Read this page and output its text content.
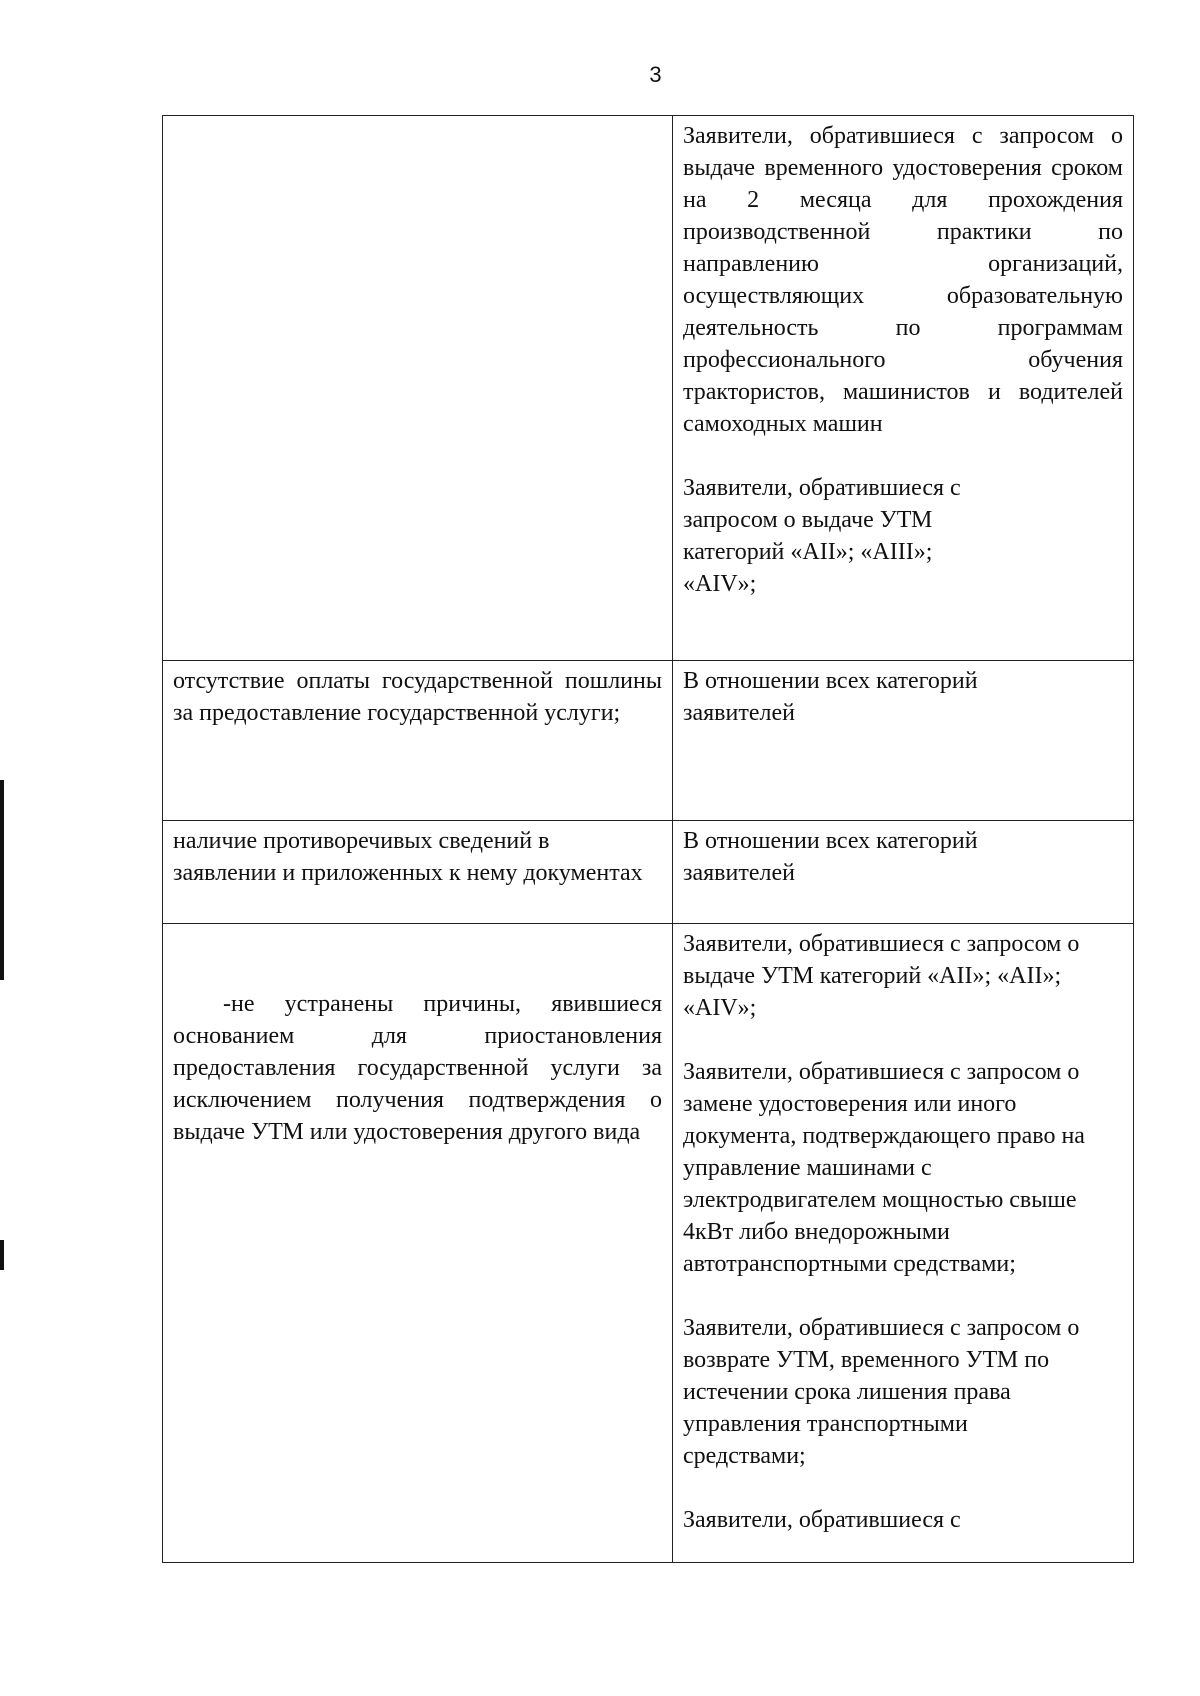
3

	Заявители, обратившиеся с запросом о выдаче временного удостоверения сроком на 2 месяца для прохождения производственной практики по направлению организаций, осуществляющих образовательную деятельность по программам профессионального обучения трактористов, машинистов и водителей самоходных машин

Заявители, обратившиеся с запросом о выдаче УТМ категорий «AII»; «AIII»; «AIV»;

отсутствие оплаты государственной пошлины за предоставление государственной услуги;	В отношении всех категорий заявителей

наличие противоречивых сведений в заявлении и приложенных к нему документах	В отношении всех категорий заявителей

-не устранены причины, явившиеся основанием для приостановления предоставления государственной услуги за исключением получения подтверждения о выдаче УТМ или удостоверения другого вида	Заявители, обратившиеся с запросом о выдаче УТМ категорий «AII»; «AII»; «AIV»;

Заявители, обратившиеся с запросом о замене удостоверения или иного документа, подтверждающего право на управление машинами с электродвигателем мощностью свыше 4кВт либо внедорожными автотранспортными средствами;

Заявители, обратившиеся с запросом о возврате УТМ, временного УТМ по истечении срока лишения права управления транспортными средствами;

Заявители, обратившиеся с
